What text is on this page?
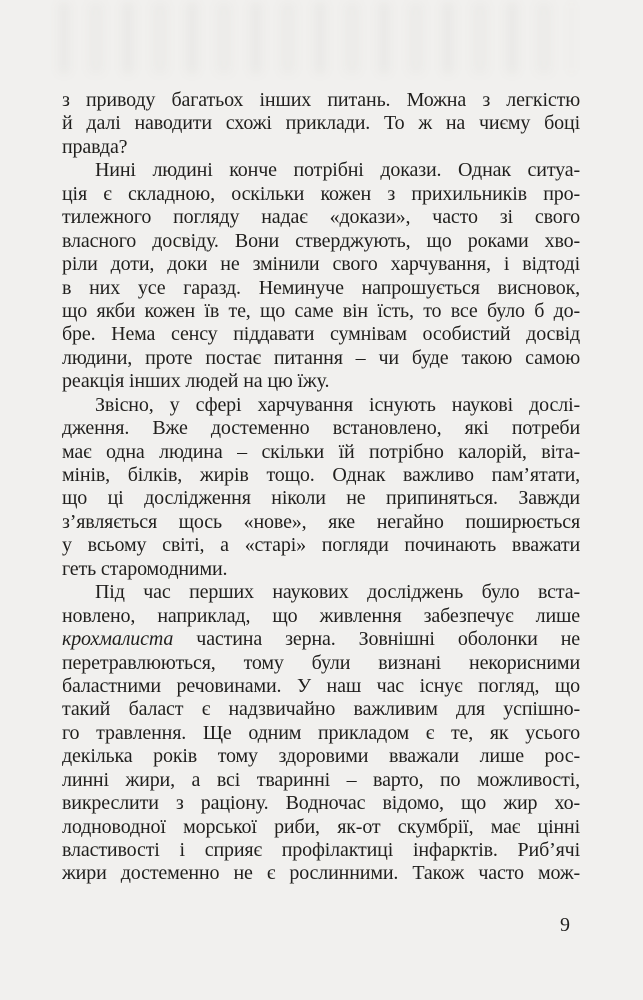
з приводу багатьох інших питань. Можна з легкістю
й далі наводити схожі приклади. То ж на чиєму боці
правда?
Нині людині конче потрібні докази. Однак ситуа-
ція є складною, оскільки кожен з прихильників про-
тилежного погляду надає «докази», часто зі свого
власного досвіду. Вони стверджують, що роками хво-
ріли доти, доки не змінили свого харчування, і відтоді
в них усе гаразд. Неминуче напрошується висновок,
що якби кожен їв те, що саме він їсть, то все було б до-
бре. Нема сенсу піддавати сумнівам особистий досвід
людини, проте постає питання – чи буде такою самою
реакція інших людей на цю їжу.
Звісно, у сфері харчування існують наукові дослі-
дження. Вже достеменно встановлено, які потреби
має одна людина – скільки їй потрібно калорій, віта-
мінів, білків, жирів тощо. Однак важливо пам’ятати,
що ці дослідження ніколи не припиняться. Завжди
з’являється щось «нове», яке негайно поширюється
у всьому світі, а «старі» погляди починають вважати
геть старомодними.
Під час перших наукових досліджень було вста-
новлено, наприклад, що живлення забезпечує лише
крохмалиста частина зерна. Зовнішні оболонки не
перетравлюються, тому були визнані некорисними
баластними речовинами. У наш час існує погляд, що
такий баласт є надзвичайно важливим для успішно-
го травлення. Ще одним прикладом є те, як усього
декілька років тому здоровими вважали лише рос-
линні жири, а всі тваринні – варто, по можливості,
викреслити з раціону. Водночас відомо, що жир хо-
лодноводної морської риби, як-от скумбрії, має цінні
властивості і сприяє профілактиці інфарктів. Риб’ячі
жири достеменно не є рослинними. Також часто мож-
9
